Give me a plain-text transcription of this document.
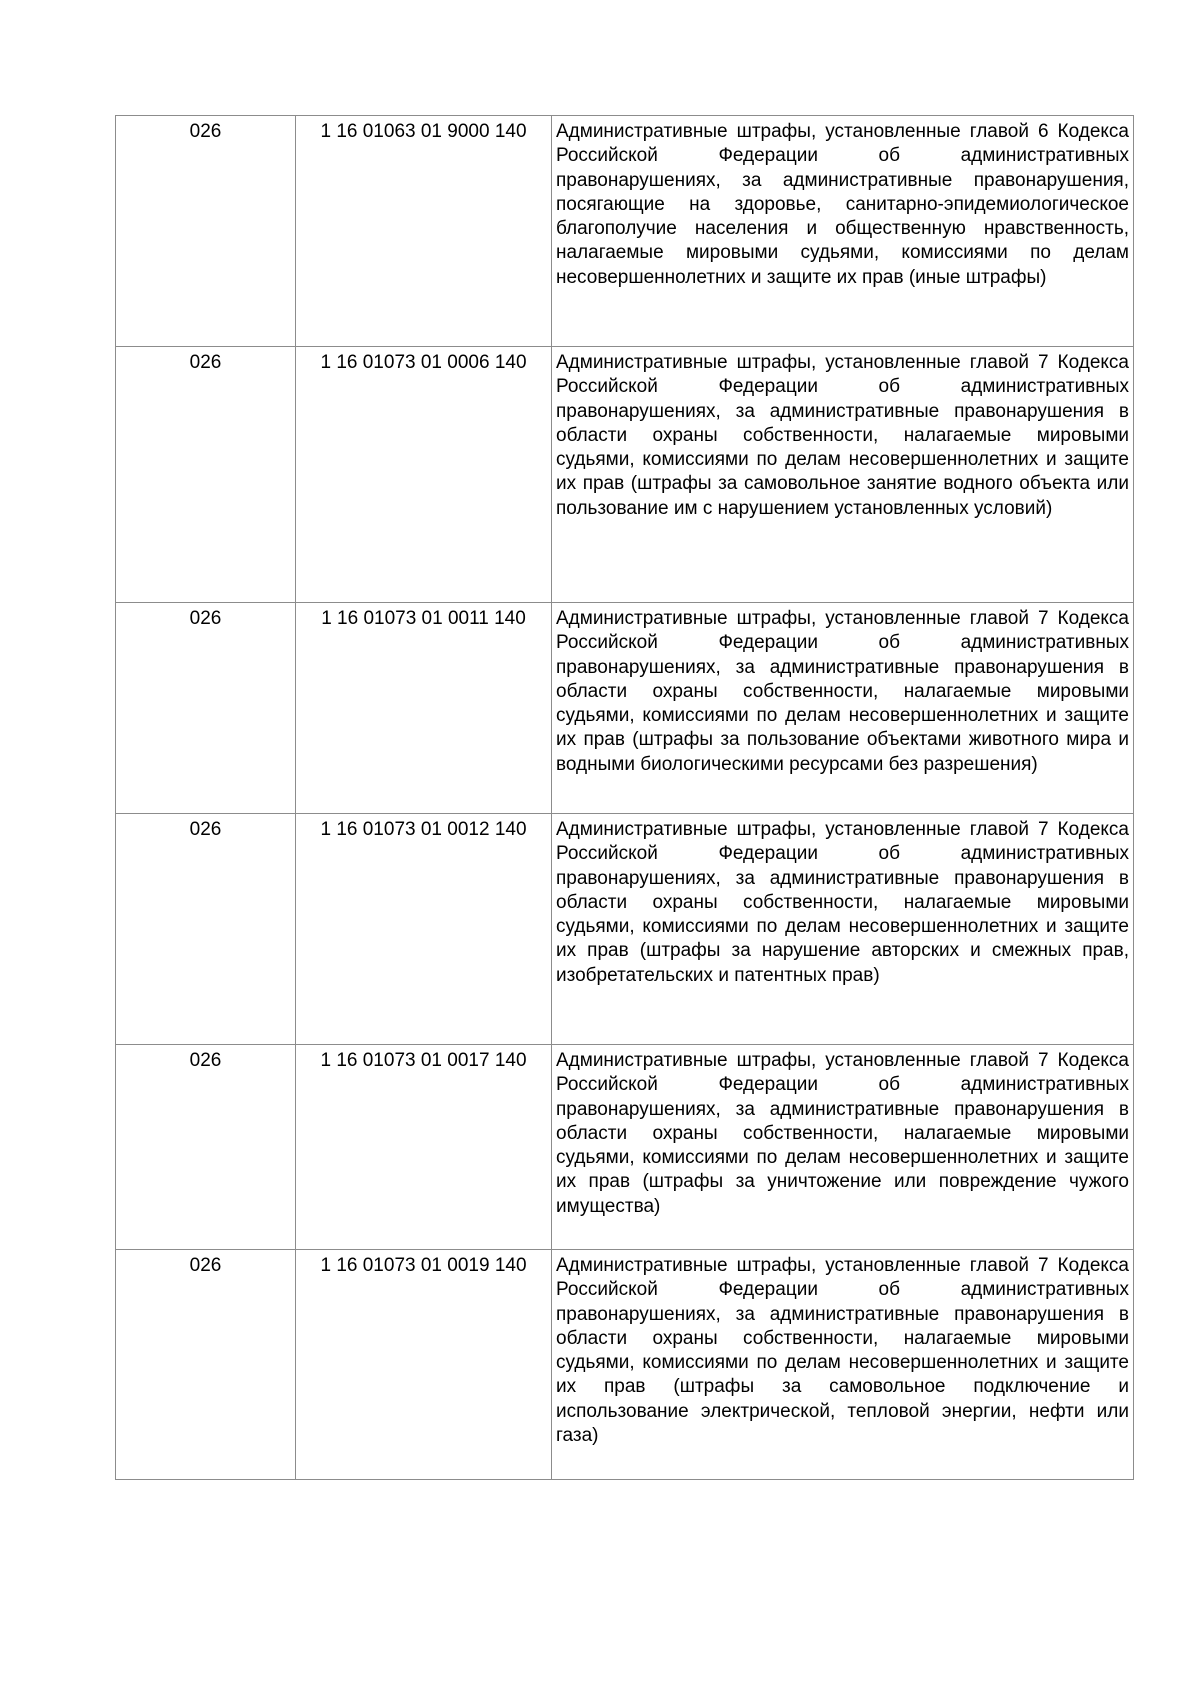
026	1 16 01063 01 9000 140	Административные штрафы, установленные главой 6 Кодекса Российской Федерации об административных правонарушениях, за административные правонарушения, посягающие на здоровье, санитарно-эпидемиологическое благополучие населения и общественную нравственность, налагаемые мировыми судьями, комиссиями по делам несовершеннолетних и защите их прав (иные штрафы)

026	1 16 01073 01 0006 140	Административные штрафы, установленные главой 7 Кодекса Российской Федерации об административных правонарушениях, за административные правонарушения в области охраны собственности, налагаемые мировыми судьями, комиссиями по делам несовершеннолетних и защите их прав (штрафы за самовольное занятие водного объекта или пользование им с нарушением установленных условий)

026	1 16 01073 01 0011 140	Административные штрафы, установленные главой 7 Кодекса Российской Федерации об административных правонарушениях, за административные правонарушения в области охраны собственности, налагаемые мировыми судьями, комиссиями по делам несовершеннолетних и защите их прав (штрафы за пользование объектами животного мира и водными биологическими ресурсами без разрешения)

026	1 16 01073 01 0012 140	Административные штрафы, установленные главой 7 Кодекса Российской Федерации об административных правонарушениях, за административные правонарушения в области охраны собственности, налагаемые мировыми судьями, комиссиями по делам несовершеннолетних и защите их прав (штрафы за нарушение авторских и смежных прав, изобретательских и патентных прав)

026	1 16 01073 01 0017 140	Административные штрафы, установленные главой 7 Кодекса Российской Федерации об административных правонарушениях, за административные правонарушения в области охраны собственности, налагаемые мировыми судьями, комиссиями по делам несовершеннолетних и защите их прав (штрафы за уничтожение или повреждение чужого имущества)

026	1 16 01073 01 0019 140	Административные штрафы, установленные главой 7 Кодекса Российской Федерации об административных правонарушениях, за административные правонарушения в области охраны собственности, налагаемые мировыми судьями, комиссиями по делам несовершеннолетних и защите их прав (штрафы за самовольное подключение и использование электрической, тепловой энергии, нефти или газа)
